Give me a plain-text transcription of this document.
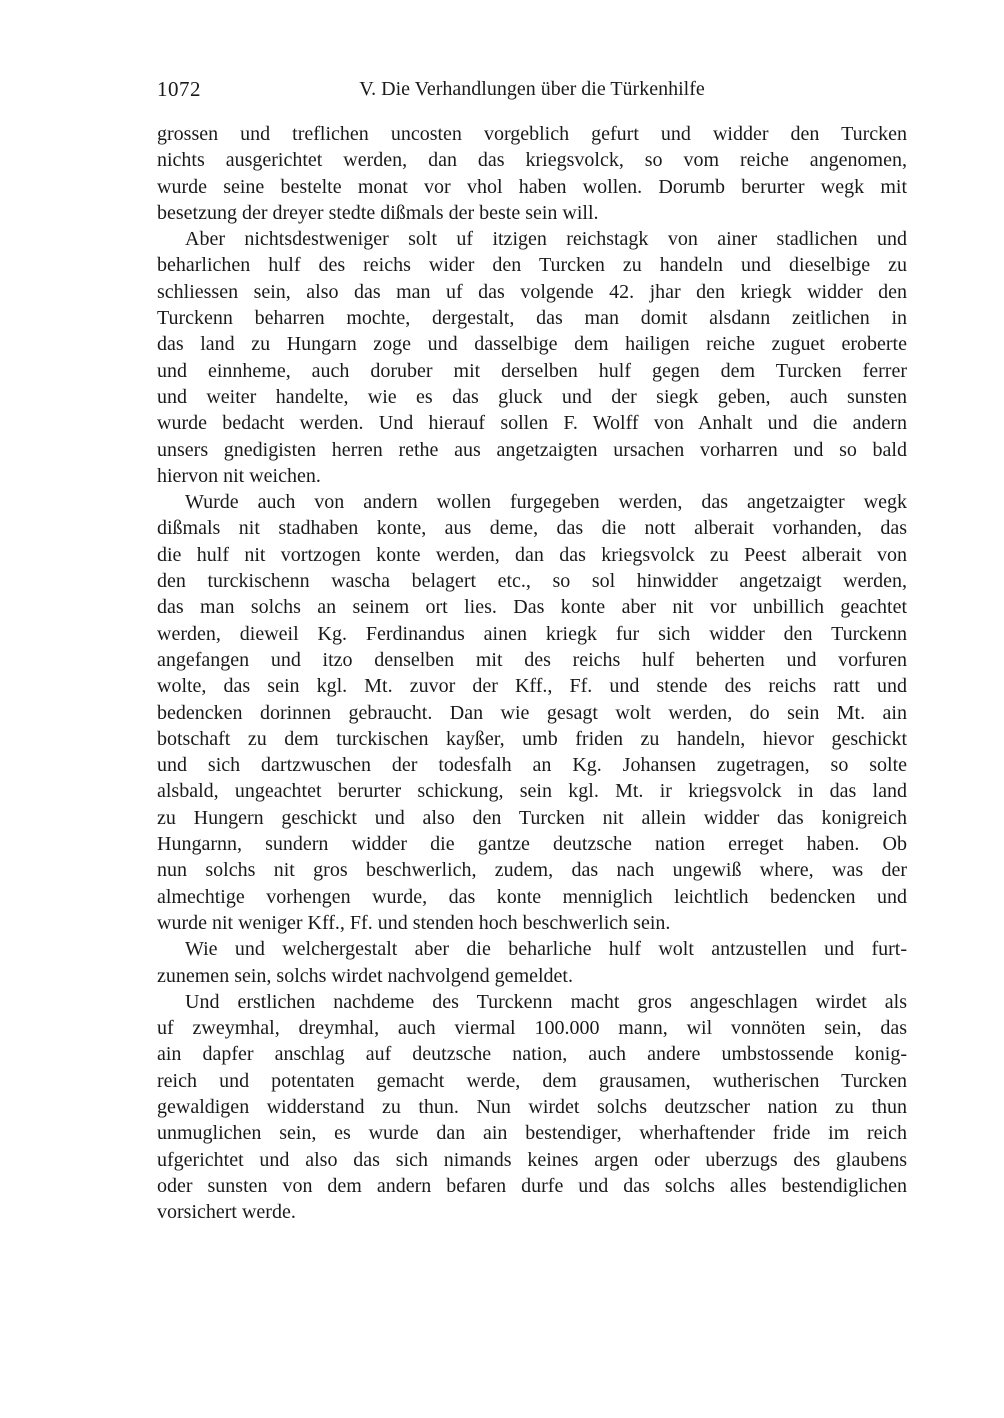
V. Die Verhandlungen über die Türkenhilfe
1072
grossen und treflichen uncosten vorgeblich gefurt und widder den Turcken
nichts ausgerichtet werden, dan das kriegsvolck, so vom reiche angenomen,
wurde seine bestelte monat vor vhol haben wollen. Dorumb berurter wegk mit
besetzung der dreyer stedte dißmals der beste sein will.
Aber nichtsdestweniger solt uf itzigen reichstagk von ainer stadlichen und
beharlichen hulf des reichs wider den Turcken zu handeln und dieselbige zu
schliessen sein, also das man uf das volgende 42. jhar den kriegk widder den
Turckenn beharren mochte, dergestalt, das man domit alsdann zeitlichen in
das land zu Hungarn zoge und dasselbige dem hailigen reiche zuguet eroberte
und einnheme, auch doruber mit derselben hulf gegen dem Turcken ferrer
und weiter handelte, wie es das gluck und der siegk geben, auch sunsten
wurde bedacht werden. Und hierauf sollen F. Wolff von Anhalt und die andern
unsers gnedigisten herren rethe aus angetzaigten ursachen vorharren und so bald
hiervon nit weichen.
Wurde auch von andern wollen furgegeben werden, das angetzaigter wegk
dißmals nit stadhaben konte, aus deme, das die nott alberait vorhanden, das
die hulf nit vortzogen konte werden, dan das kriegsvolck zu Peest alberait von
den turckischenn wascha belagert etc., so sol hinwidder angetzaigt werden,
das man solchs an seinem ort lies. Das konte aber nit vor unbillich geachtet
werden, dieweil Kg. Ferdinandus ainen kriegk fur sich widder den Turckenn
angefangen und itzo denselben mit des reichs hulf beherten und vorfuren
wolte, das sein kgl. Mt. zuvor der Kff., Ff. und stende des reichs ratt und
bedencken dorinnen gebraucht. Dan wie gesagt wolt werden, do sein Mt. ain
botschaft zu dem turckischen kayßer, umb friden zu handeln, hievor geschickt
und sich dartzwuschen der todesfalh an Kg. Johansen zugetragen, so solte
alsbald, ungeachtet berurter schickung, sein kgl. Mt. ir kriegsvolck in das land
zu Hungern geschickt und also den Turcken nit allein widder das konigreich
Hungarnn, sundern widder die gantze deutzsche nation erreget haben. Ob
nun solchs nit gros beschwerlich, zudem, das nach ungewiß where, was der
almechtige vorhengen wurde, das konte menniglich leichtlich bedencken und
wurde nit weniger Kff., Ff. und stenden hoch beschwerlich sein.
Wie und welchergestalt aber die beharliche hulf wolt antzustellen und furt-
zunemen sein, solchs wirdet nachvolgend gemeldet.
Und erstlichen nachdeme des Turckenn macht gros angeschlagen wirdet als
uf zweymhal, dreymhal, auch viermal 100.000 mann, wil vonnöten sein, das
ain dapfer anschlag auf deutzsche nation, auch andere umbstossende konig-
reich und potentaten gemacht werde, dem grausamen, wutherischen Turcken
gewaldigen widderstand zu thun. Nun wirdet solchs deutzscher nation zu thun
unmuglichen sein, es wurde dan ain bestendiger, wherhaftender fride im reich
ufgerichtet und also das sich nimands keines argen oder uberzugs des glaubens
oder sunsten von dem andern befaren durfe und das solchs alles bestendiglichen
vorsichert werde.
